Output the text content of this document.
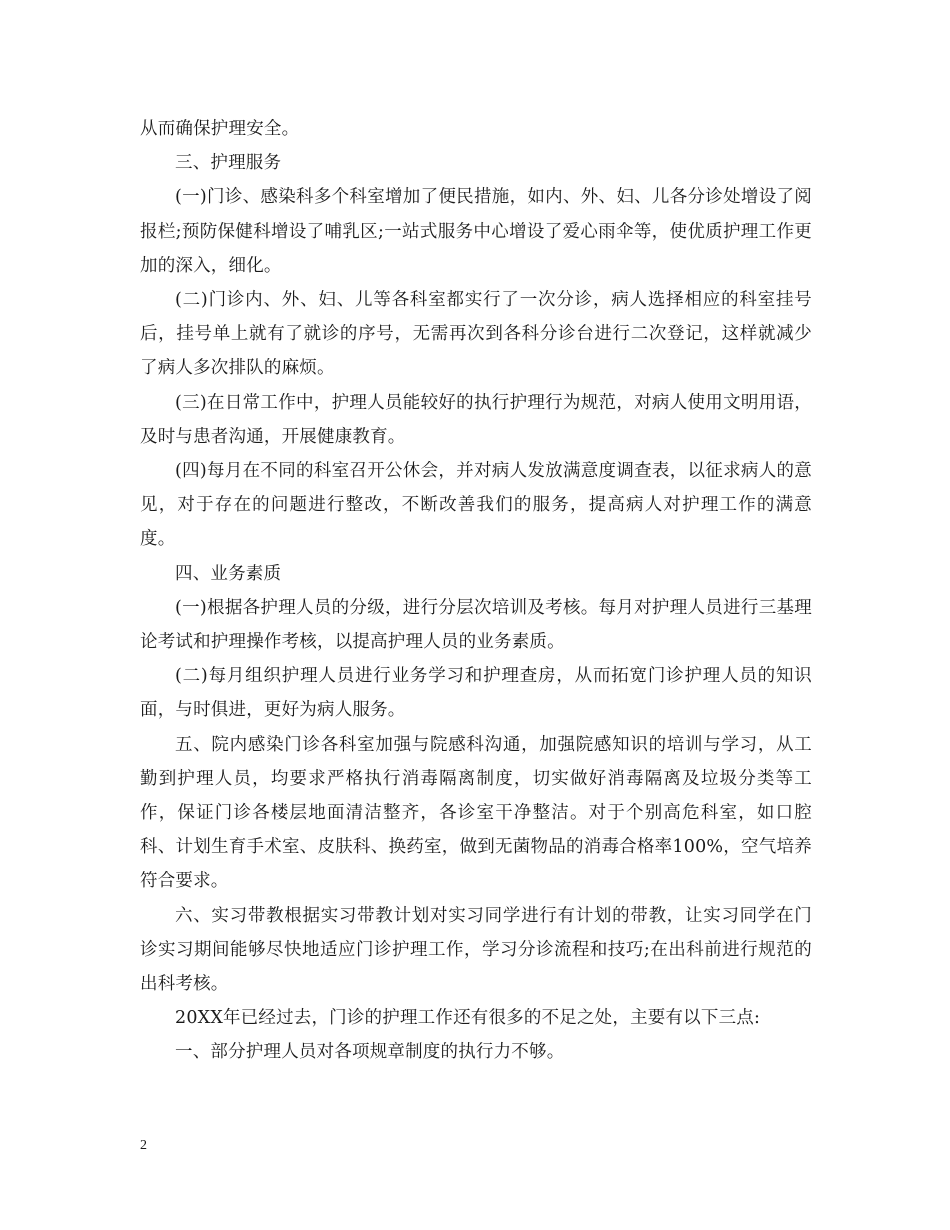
从而确保护理安全。

三、护理服务

(一)门诊、感染科多个科室增加了便民措施，如内、外、妇、儿各分诊处增设了阅报栏;预防保健科增设了哺乳区;一站式服务中心增设了爱心雨伞等，使优质护理工作更加的深入，细化。

(二)门诊内、外、妇、儿等各科室都实行了一次分诊，病人选择相应的科室挂号后，挂号单上就有了就诊的序号，无需再次到各科分诊台进行二次登记，这样就减少了病人多次排队的麻烦。

(三)在日常工作中，护理人员能较好的执行护理行为规范，对病人使用文明用语，及时与患者沟通，开展健康教育。

(四)每月在不同的科室召开公休会，并对病人发放满意度调查表，以征求病人的意见，对于存在的问题进行整改，不断改善我们的服务，提高病人对护理工作的满意度。

四、业务素质

(一)根据各护理人员的分级，进行分层次培训及考核。每月对护理人员进行三基理论考试和护理操作考核，以提高护理人员的业务素质。

(二)每月组织护理人员进行业务学习和护理查房，从而拓宽门诊护理人员的知识面，与时俱进，更好为病人服务。

五、院内感染门诊各科室加强与院感科沟通，加强院感知识的培训与学习，从工勤到护理人员，均要求严格执行消毒隔离制度，切实做好消毒隔离及垃圾分类等工作，保证门诊各楼层地面清洁整齐，各诊室干净整洁。对于个别高危科室，如口腔科、计划生育手术室、皮肤科、换药室，做到无菌物品的消毒合格率100%，空气培养符合要求。

六、实习带教根据实习带教计划对实习同学进行有计划的带教，让实习同学在门诊实习期间能够尽快地适应门诊护理工作，学习分诊流程和技巧;在出科前进行规范的出科考核。

20XX年已经过去，门诊的护理工作还有很多的不足之处，主要有以下三点:

一、部分护理人员对各项规章制度的执行力不够。

2
